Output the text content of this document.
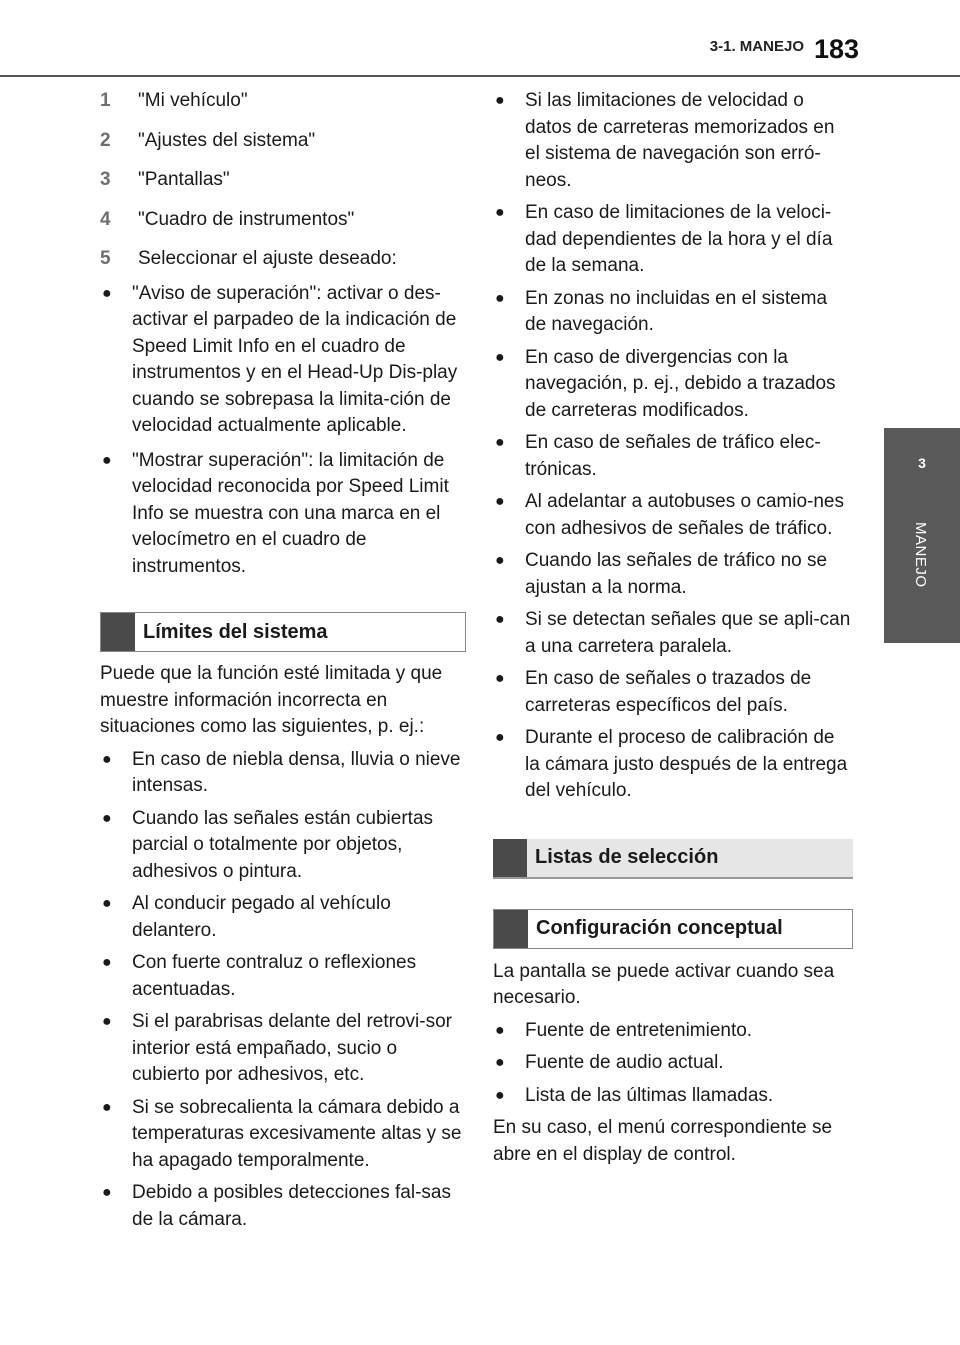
3-1. MANEJO 183
3
MANEJO
1	"Mi vehículo"
2	"Ajustes del sistema"
3	"Pantallas"
4	"Cuadro de instrumentos"
5	Seleccionar el ajuste deseado:
●	"Aviso de superación": activar o des-activar el parpadeo de la indicación de Speed Limit Info en el cuadro de instrumentos y en el Head-Up Dis-play cuando se sobrepasa la limita-ción de velocidad actualmente aplicable.
●	"Mostrar superación": la limitación de velocidad reconocida por Speed Limit Info se muestra con una marca en el velocímetro en el cuadro de instrumentos.
Límites del sistema
Puede que la función esté limitada y que muestre información incorrecta en situaciones como las siguientes, p. ej.:
●	En caso de niebla densa, lluvia o nieve intensas.
●	Cuando las señales están cubiertas parcial o totalmente por objetos, adhesivos o pintura.
●	Al conducir pegado al vehículo delantero.
●	Con fuerte contraluz o reflexiones acentuadas.
●	Si el parabrisas delante del retrovi-sor interior está empañado, sucio o cubierto por adhesivos, etc.
●	Si se sobrecalienta la cámara debido a temperaturas excesivamente altas y se ha apagado temporalmente.
●	Debido a posibles detecciones fal-sas de la cámara.
●	Si las limitaciones de velocidad o datos de carreteras memorizados en el sistema de navegación son erró-neos.
●	En caso de limitaciones de la veloci-dad dependientes de la hora y el día de la semana.
●	En zonas no incluidas en el sistema de navegación.
●	En caso de divergencias con la navegación, p. ej., debido a trazados de carreteras modificados.
●	En caso de señales de tráfico elec-trónicas.
●	Al adelantar a autobuses o camio-nes con adhesivos de señales de tráfico.
●	Cuando las señales de tráfico no se ajustan a la norma.
●	Si se detectan señales que se apli-can a una carretera paralela.
●	En caso de señales o trazados de carreteras específicos del país.
●	Durante el proceso de calibración de la cámara justo después de la entrega del vehículo.
Listas de selección
Configuración conceptual
La pantalla se puede activar cuando sea necesario.
●	Fuente de entretenimiento.
●	Fuente de audio actual.
●	Lista de las últimas llamadas.
En su caso, el menú correspondiente se abre en el display de control.
